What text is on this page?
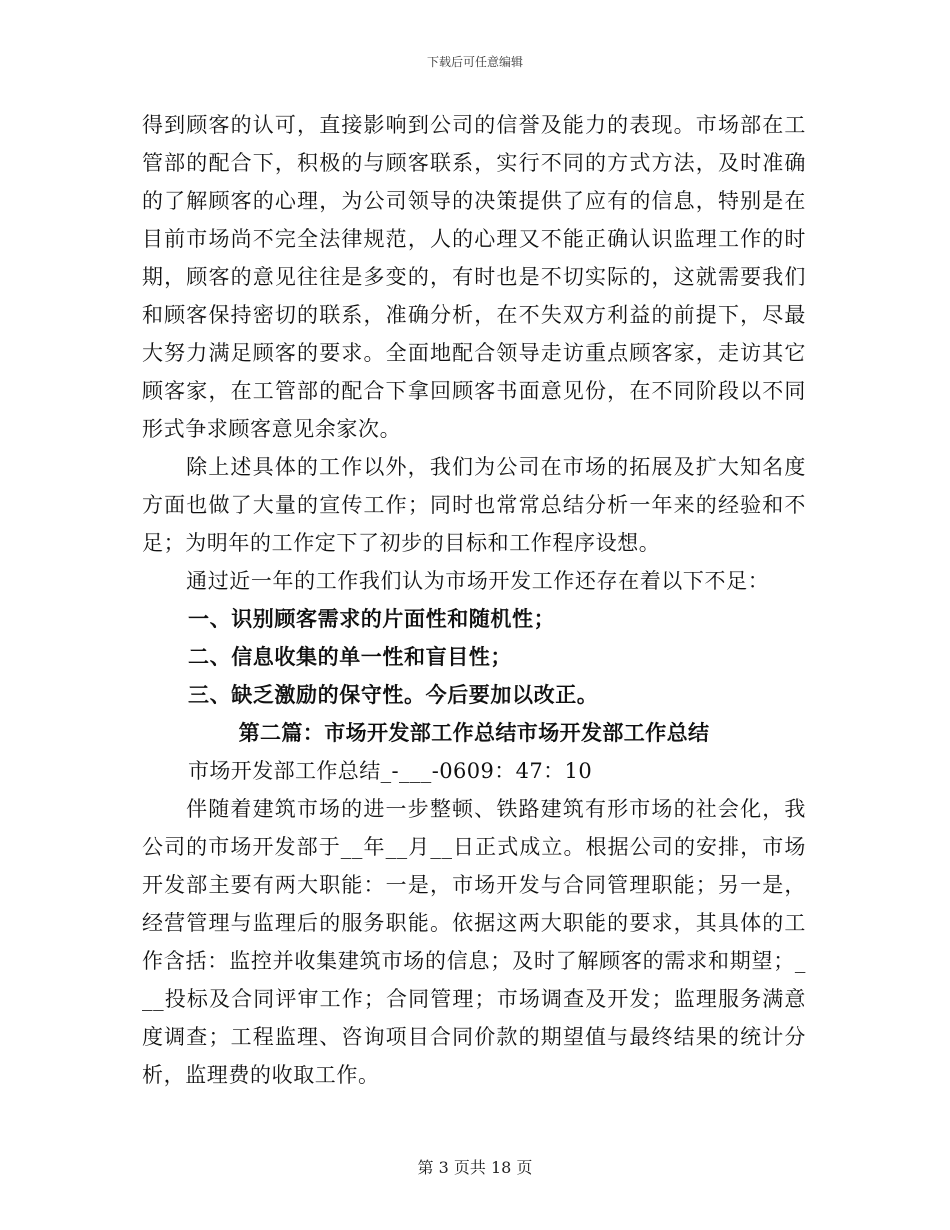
下载后可任意编辑

得到顾客的认可，直接影响到公司的信誉及能力的表现。市场部在工管部的配合下，积极的与顾客联系，实行不同的方式方法，及时准确的了解顾客的心理，为公司领导的决策提供了应有的信息，特别是在目前市场尚不完全法律规范，人的心理又不能正确认识监理工作的时期，顾客的意见往往是多变的，有时也是不切实际的，这就需要我们和顾客保持密切的联系，准确分析，在不失双方利益的前提下，尽最大努力满足顾客的要求。全面地配合领导走访重点顾客家，走访其它顾客家，在工管部的配合下拿回顾客书面意见份，在不同阶段以不同形式争求顾客意见余家次。

除上述具体的工作以外，我们为公司在市场的拓展及扩大知名度方面也做了大量的宣传工作；同时也常常总结分析一年来的经验和不足；为明年的工作定下了初步的目标和工作程序设想。

通过近一年的工作我们认为市场开发工作还存在着以下不足：

一、识别顾客需求的片面性和随机性；

二、信息收集的单一性和盲目性；

三、缺乏激励的保守性。今后要加以改正。

第二篇：市场开发部工作总结市场开发部工作总结

市场开发部工作总结_-___-0609：47：10

伴随着建筑市场的进一步整顿、铁路建筑有形市场的社会化，我公司的市场开发部于__年__月__日正式成立。根据公司的安排，市场开发部主要有两大职能：一是，市场开发与合同管理职能；另一是，经营管理与监理后的服务职能。依据这两大职能的要求，其具体的工作含括：监控并收集建筑市场的信息；及时了解顾客的需求和期望；___投标及合同评审工作；合同管理；市场调查及开发；监理服务满意度调查；工程监理、咨询项目合同价款的期望值与最终结果的统计分析，监理费的收取工作。

第 3 页共 18 页
